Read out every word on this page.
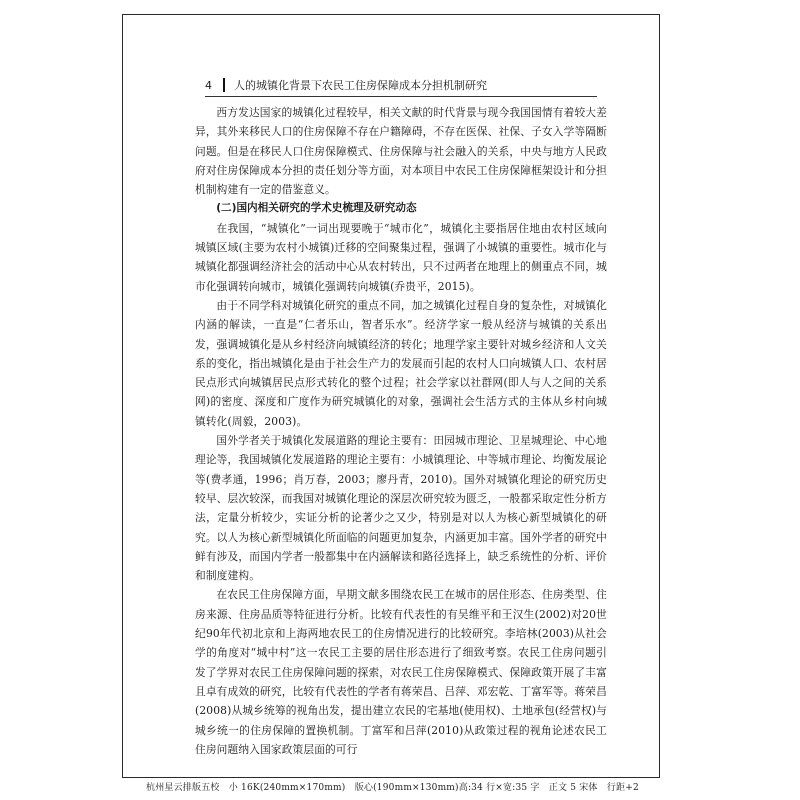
4	人的城镇化背景下农民工住房保障成本分担机制研究

西方发达国家的城镇化过程较早，相关文献的时代背景与现今我国国情有着较大差异，其外来移民人口的住房保障不存在户籍障碍，不存在医保、社保、子女入学等隔断问题。但是在移民人口住房保障模式、住房保障与社会融入的关系，中央与地方人民政府对住房保障成本分担的责任划分等方面，对本项目中农民工住房保障框架设计和分担机制构建有一定的借鉴意义。

(二)国内相关研究的学术史梳理及研究动态

在我国，“城镇化”一词出现要晚于“城市化”，城镇化主要指居住地由农村区域向城镇区域(主要为农村小城镇)迁移的空间聚集过程，强调了小城镇的重要性。城市化与城镇化都强调经济社会的活动中心从农村转出，只不过两者在地理上的侧重点不同，城市化强调转向城市，城镇化强调转向城镇(乔贵平，2015)。

由于不同学科对城镇化研究的重点不同，加之城镇化过程自身的复杂性，对城镇化内涵的解读，一直是“仁者乐山，智者乐水”。经济学家一般从经济与城镇的关系出发，强调城镇化是从乡村经济向城镇经济的转化；地理学家主要针对城乡经济和人文关系的变化，指出城镇化是由于社会生产力的发展而引起的农村人口向城镇人口、农村居民点形式向城镇居民点形式转化的整个过程；社会学家以社群网(即人与人之间的关系网)的密度、深度和广度作为研究城镇化的对象，强调社会生活方式的主体从乡村向城镇转化(周毅，2003)。

国外学者关于城镇化发展道路的理论主要有：田园城市理论、卫星城理论、中心地理论等，我国城镇化发展道路的理论主要有：小城镇理论、中等城市理论、均衡发展论等(费孝通，1996；肖万春，2003；廖丹青，2010)。国外对城镇化理论的研究历史较早、层次较深，而我国对城镇化理论的深层次研究较为匮乏，一般都采取定性分析方法，定量分析较少，实证分析的论著少之又少，特别是对以人为核心新型城镇化的研究。以人为核心新型城镇化所面临的问题更加复杂，内涵更加丰富。国外学者的研究中鲜有涉及，而国内学者一般都集中在内涵解读和路径选择上，缺乏系统性的分析、评价和制度建构。

在农民工住房保障方面，早期文献多围绕农民工在城市的居住形态、住房类型、住房来源、住房品质等特征进行分析。比较有代表性的有吴维平和王汉生(2002)对20世纪90年代初北京和上海两地农民工的住房情况进行的比较研究。李培林(2003)从社会学的角度对“城中村”这一农民工主要的居住形态进行了细致考察。农民工住房问题引发了学界对农民工住房保障问题的探索，对农民工住房保障模式、保障政策开展了丰富且卓有成效的研究，比较有代表性的学者有蒋荣昌、吕萍、邓宏乾、丁富军等。蒋荣昌(2008)从城乡统筹的视角出发，提出建立农民的宅基地(使用权)、土地承包(经营权)与城乡统一的住房保障的置换机制。丁富军和吕萍(2010)从政策过程的视角论述农民工住房问题纳入国家政策层面的可行

杭州星云排版五校　小 16K(240mm×170mm)　版心(190mm×130mm)高:34 行×宽:35 字　正文 5 宋体　行距+2
